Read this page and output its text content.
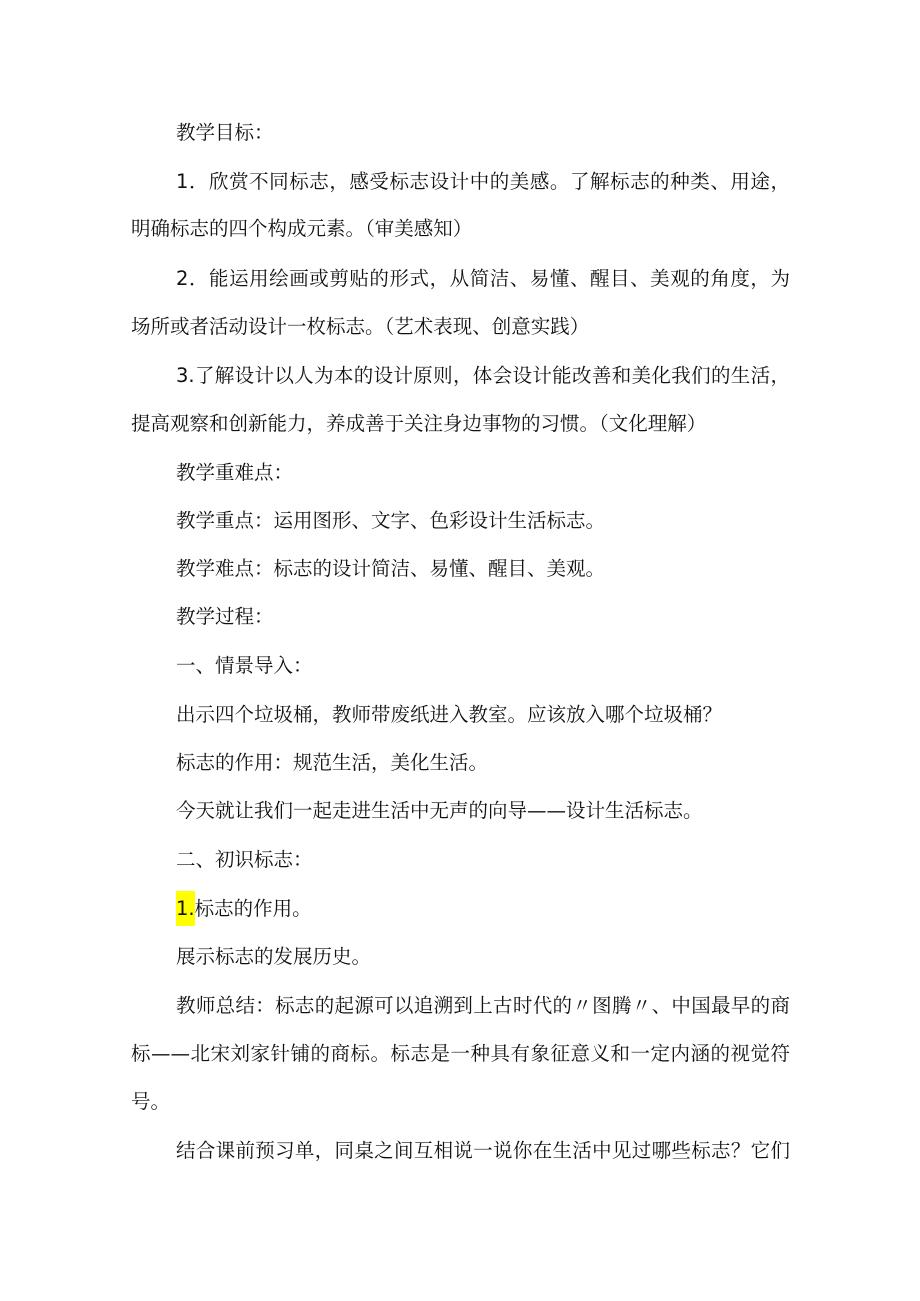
教学目标：
1．欣赏不同标志，感受标志设计中的美感。了解标志的种类、用途，
明确标志的四个构成元素。（审美感知）
2．能运用绘画或剪贴的形式，从简洁、易懂、醒目、美观的角度，为
场所或者活动设计一枚标志。（艺术表现、创意实践）
3.了解设计以人为本的设计原则，体会设计能改善和美化我们的生活，
提高观察和创新能力，养成善于关注身边事物的习惯。（文化理解）
教学重难点：
教学重点：运用图形、文字、色彩设计生活标志。
教学难点：标志的设计简洁、易懂、醒目、美观。
教学过程：
一、情景导入：
出示四个垃圾桶，教师带废纸进入教室。应该放入哪个垃圾桶？
标志的作用：规范生活，美化生活。
今天就让我们一起走进生活中无声的向导——设计生活标志。
二、初识标志：
1.标志的作用。
展示标志的发展历史。
教师总结：标志的起源可以追溯到上古时代的〃图腾〃、中国最早的商
标——北宋刘家针铺的商标。标志是一种具有象征意义和一定内涵的视觉符
号。
结合课前预习单，同桌之间互相说一说你在生活中见过哪些标志？它们
